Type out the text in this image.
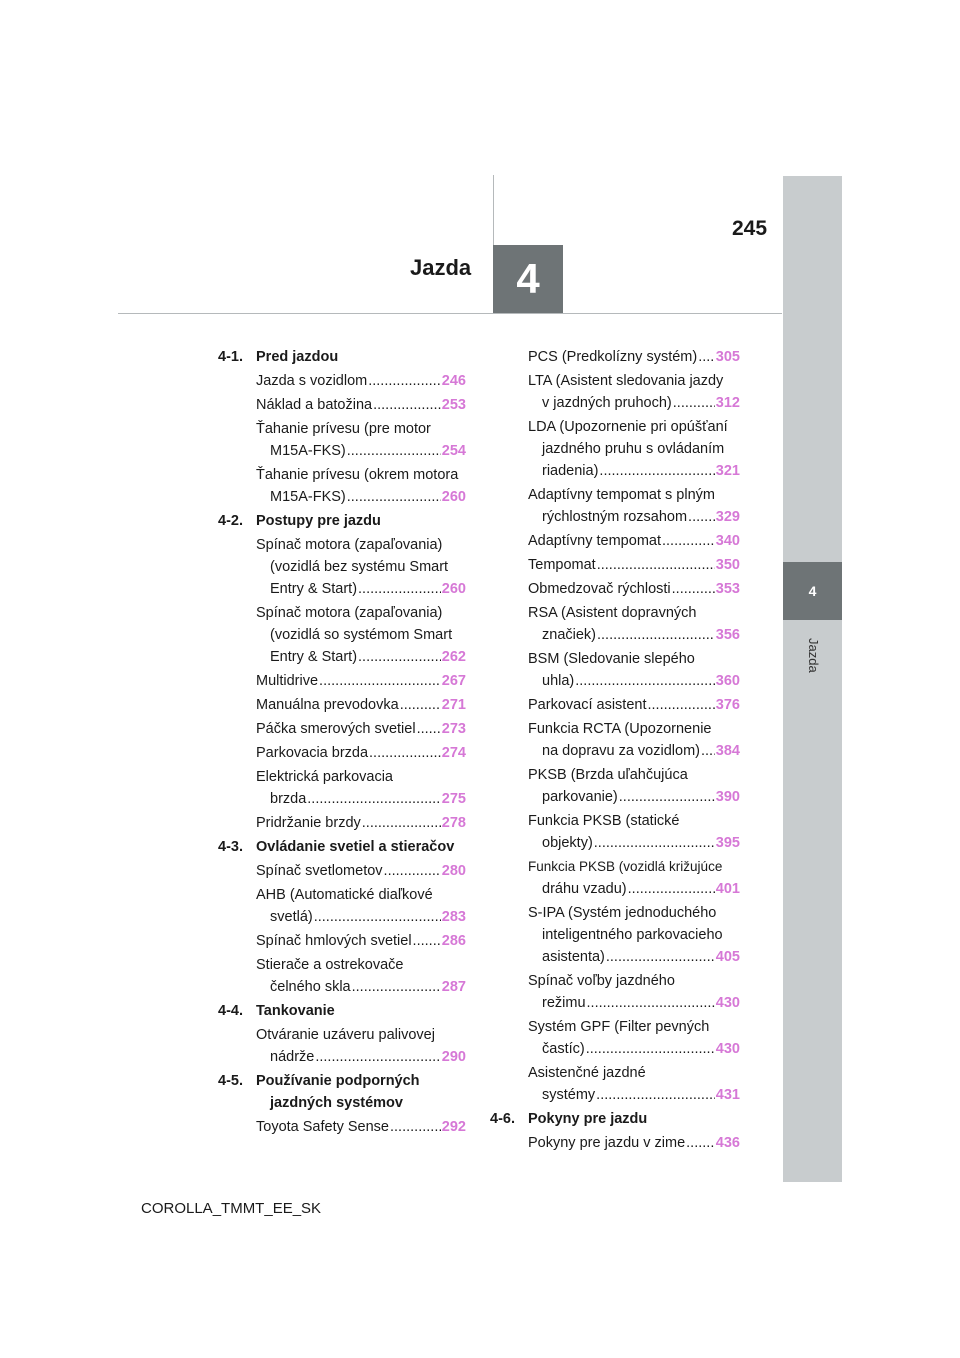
Jazda	4
245
4
Jazda
4-1. Pred jazdou
Jazda s vozidlom .....	246
Náklad a batožina .....	253
Ťahanie prívesu (pre motor
M15A-FKS) .....	254
Ťahanie prívesu (okrem motora
M15A-FKS) .....	260
4-2. Postupy pre jazdu
Spínač motora (zapaľovania)
(vozidlá bez systému Smart
Entry & Start) .....	260
Spínač motora (zapaľovania)
(vozidlá so systémom Smart
Entry & Start) .....	262
Multidrive .....	267
Manuálna prevodovka .....	271
Páčka smerových svetiel ..... 273
Parkovacia brzda .....	274
Elektrická parkovacia
brzda .....	275
Pridržanie brzdy .....	278
4-3. Ovládanie svetiel a stieračov
Spínač svetlometov .....	280
AHB (Automatické diaľkové
svetlá) .....	283
Spínač hmlových svetiel ..... 286
Stierače a ostrekovače
čelného skla .....	287
4-4. Tankovanie
Otváranie uzáveru palivovej
nádrže .....	290
4-5. Používanie podporných
jazdných systémov
Toyota Safety Sense .....	292
PCS (Predkolízny systém) ..... 305
LTA (Asistent sledovania jazdy
v jazdných pruhoch) .....	312
LDA (Upozornenie pri opúšťaní
jazdného pruhu s ovládaním
riadenia) .....	321
Adaptívny tempomat s plným
rýchlostným rozsahom ..... 329
Adaptívny tempomat .....	340
Tempomat .....	350
Obmedzovač rýchlosti .....	353
RSA (Asistent dopravných
značiek) .....	356
BSM (Sledovanie slepého
uhla) .....	360
Parkovací asistent .....	376
Funkcia RCTA (Upozornenie
na dopravu za vozidlom) ..... 384
PKSB (Brzda uľahčujúca
parkovanie) .....	390
Funkcia PKSB (statické
objekty) .....	395
Funkcia PKSB (vozidlá križujúce
dráhu vzadu) .....	401
S-IPA (Systém jednoduchého
inteligentného parkovacieho
asistenta) .....	405
Spínač voľby jazdného
režimu .....	430
Systém GPF (Filter pevných
častíc) .....	430
Asistenčné jazdné
systémy .....	431
4-6. Pokyny pre jazdu
Pokyny pre jazdu v zime ..... 436
COROLLA_TMMT_EE_SK
